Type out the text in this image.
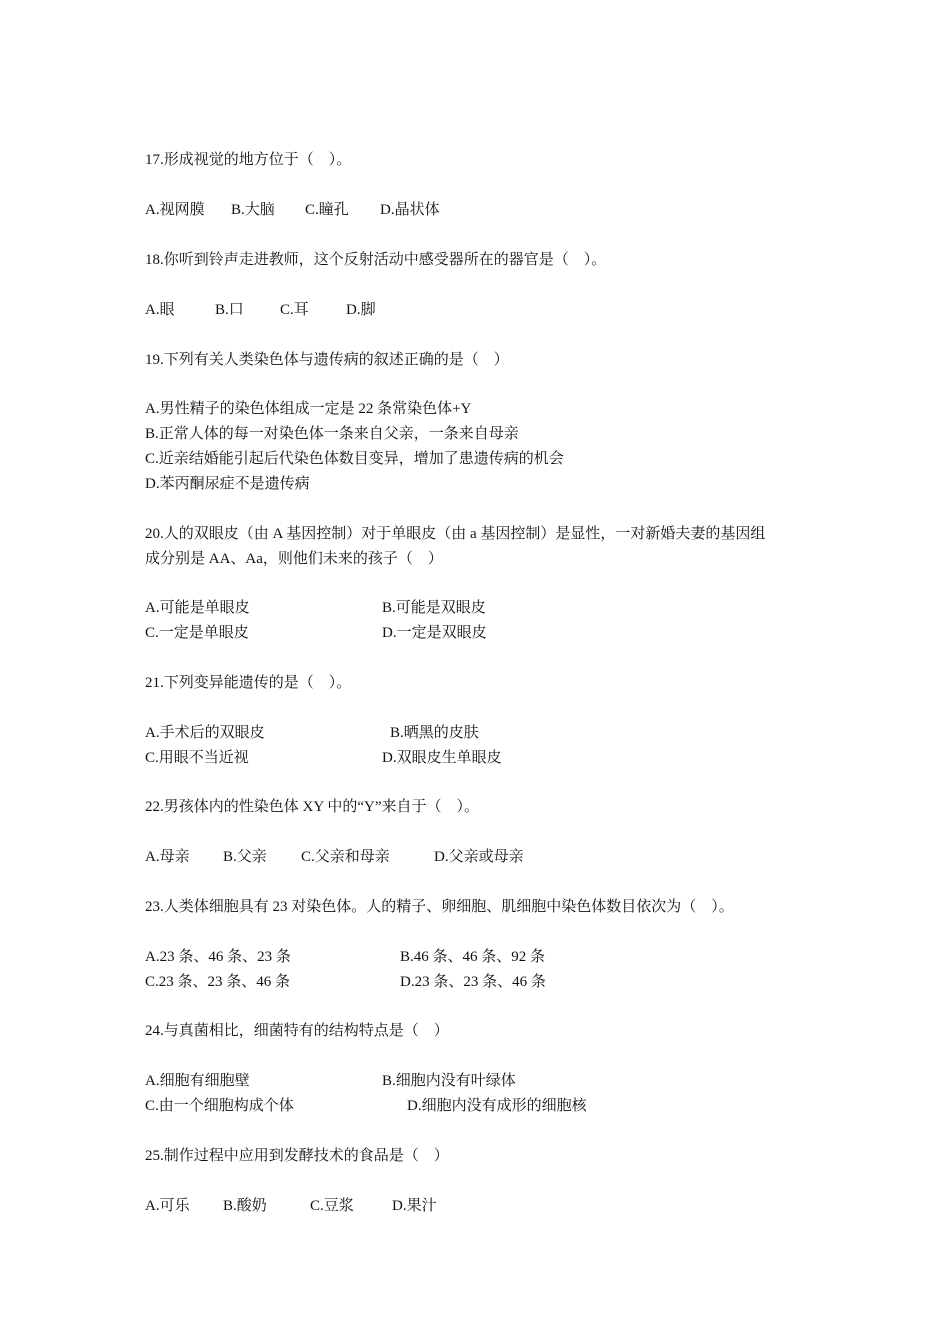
17.形成视觉的地方位于（　）。
A.视网膜 B.大脑 C.瞳孔 D.晶状体
18.你听到铃声走进教师，这个反射活动中感受器所在的器官是（　）。
A.眼	B.口 C.耳 D.脚
19.下列有关人类染色体与遗传病的叙述正确的是（　）
A.男性精子的染色体组成一定是 22 条常染色体+Y
B.正常人体的每一对染色体一条来自父亲，一条来自母亲
C.近亲结婚能引起后代染色体数目变异，增加了患遗传病的机会
D.苯丙酮尿症不是遗传病
20.人的双眼皮（由 A 基因控制）对于单眼皮（由 a 基因控制）是显性，一对新婚夫妻的基因组
成分别是 AA、Aa，则他们未来的孩子（　）
A.可能是单眼皮	B.可能是双眼皮
C.一定是单眼皮	D.一定是双眼皮
21.下列变异能遗传的是（　）。
A.手术后的双眼皮	B.晒黑的皮肤
C.用眼不当近视	D.双眼皮生单眼皮
22.男孩体内的性染色体 XY 中的“Y”来自于（　）。
A.母亲 B.父亲 C.父亲和母亲	D.父亲或母亲
23.人类体细胞具有 23 对染色体。人的精子、卵细胞、肌细胞中染色体数目依次为（　）。
A.23 条、46 条、23 条	B.46 条、46 条、92 条
C.23 条、23 条、46 条	D.23 条、23 条、46 条
24.与真菌相比，细菌特有的结构特点是（　）
A.细胞有细胞壁	B.细胞内没有叶绿体
C.由一个细胞构成个体	D.细胞内没有成形的细胞核
25.制作过程中应用到发酵技术的食品是（　）
A.可乐 B.酸奶	C.豆浆	D.果汁
